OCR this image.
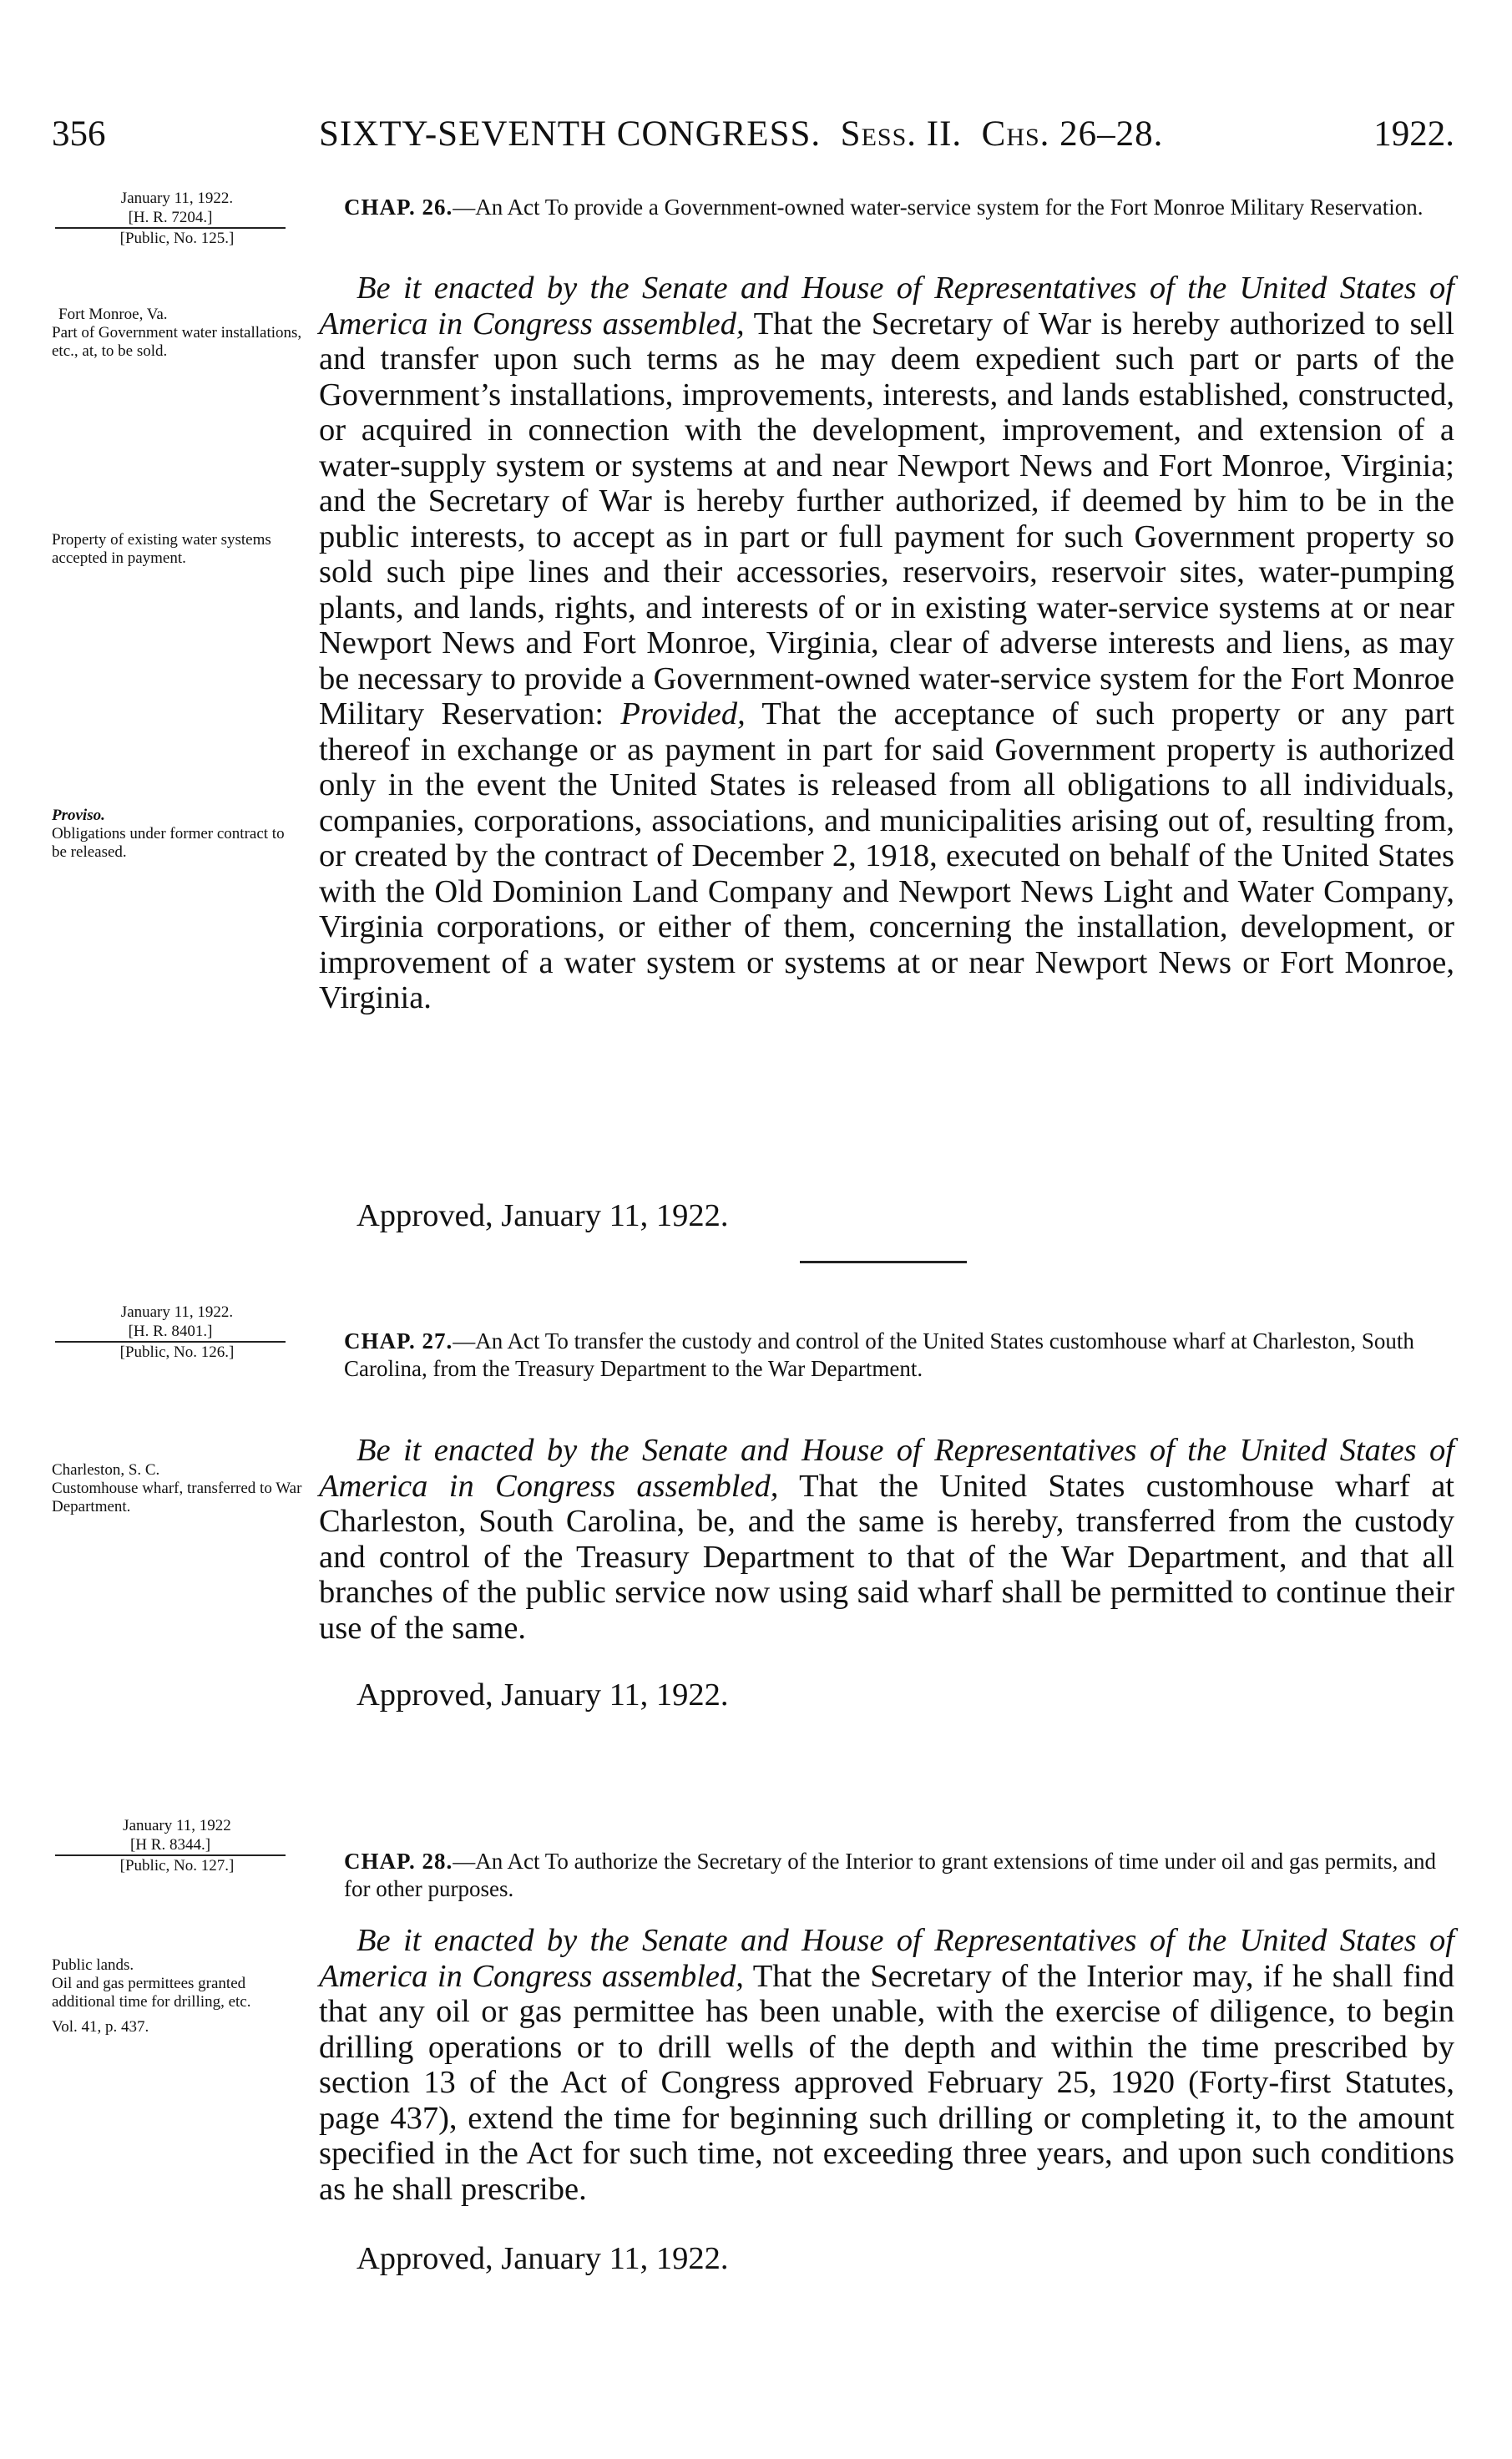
356	SIXTY-SEVENTH CONGRESS. Sess. II. Chs. 26–28.	1922.
January 11, 1922.
[H. R. 7204.]
[Public, No. 125.]
CHAP. 26.—An Act To provide a Government-owned water-service system for the Fort Monroe Military Reservation.
Be it enacted by the Senate and House of Representatives of the United States of America in Congress assembled, That the Secretary of War is hereby authorized to sell and transfer upon such terms as he may deem expedient such part or parts of the Government’s installations, improvements, interests, and lands established, constructed, or acquired in connection with the development, improvement, and extension of a water-supply system or systems at and near Newport News and Fort Monroe, Virginia; and the Secretary of War is hereby further authorized, if deemed by him to be in the public interests, to accept as in part or full payment for such Government property so sold such pipe lines and their accessories, reservoirs, reservoir sites, water-pumping plants, and lands, rights, and interests of or in existing water-service systems at or near Newport News and Fort Monroe, Virginia, clear of adverse interests and liens, as may be necessary to provide a Government-owned water-service system for the Fort Monroe Military Reservation: Provided, That the acceptance of such property or any part thereof in exchange or as payment in part for said Government property is authorized only in the event the United States is released from all obligations to all individuals, companies, corporations, associations, and municipalities arising out of, resulting from, or created by the contract of December 2, 1918, executed on behalf of the United States with the Old Dominion Land Company and Newport News Light and Water Company, Virginia corporations, or either of them, concerning the installation, development, or improvement of a water system or systems at or near Newport News or Fort Monroe, Virginia.
Approved, January 11, 1922.
Fort Monroe, Va.
Part of Government water installations, etc., at, to be sold.
Property of existing water systems accepted in payment.
Proviso.
Obligations under former contract to be released.
January 11, 1922.
[H. R. 8401.]
[Public, No. 126.]	CHAP. 27.—An Act To transfer the custody and control of the United States customhouse wharf at Charleston, South Carolina, from the Treasury Department to the War Department.
Be it enacted by the Senate and House of Representatives of the United States of America in Congress assembled, That the United States customhouse wharf at Charleston, South Carolina, be, and the same is hereby, transferred from the custody and control of the Treasury Department to that of the War Department, and that all branches of the public service now using said wharf shall be permitted to continue their use of the same.
Approved, January 11, 1922.
Charleston, S. C.
Customhouse wharf, transferred to War Department.
January 11, 1922
[H R. 8344.]
[Public, No. 127.]	CHAP. 28.—An Act To authorize the Secretary of the Interior to grant extensions of time under oil and gas permits, and for other purposes.
Be it enacted by the Senate and House of Representatives of the United States of America in Congress assembled, That the Secretary of the Interior may, if he shall find that any oil or gas permittee has been unable, with the exercise of diligence, to begin drilling operations or to drill wells of the depth and within the time prescribed by section 13 of the Act of Congress approved February 25, 1920 (Forty-first Statutes, page 437), extend the time for beginning such drilling or completing it, to the amount specified in the Act for such time, not exceeding three years, and upon such conditions as he shall prescribe.
Approved, January 11, 1922.
Public lands.
Oil and gas permittees granted additional time for drilling, etc.
Vol. 41, p. 437.
